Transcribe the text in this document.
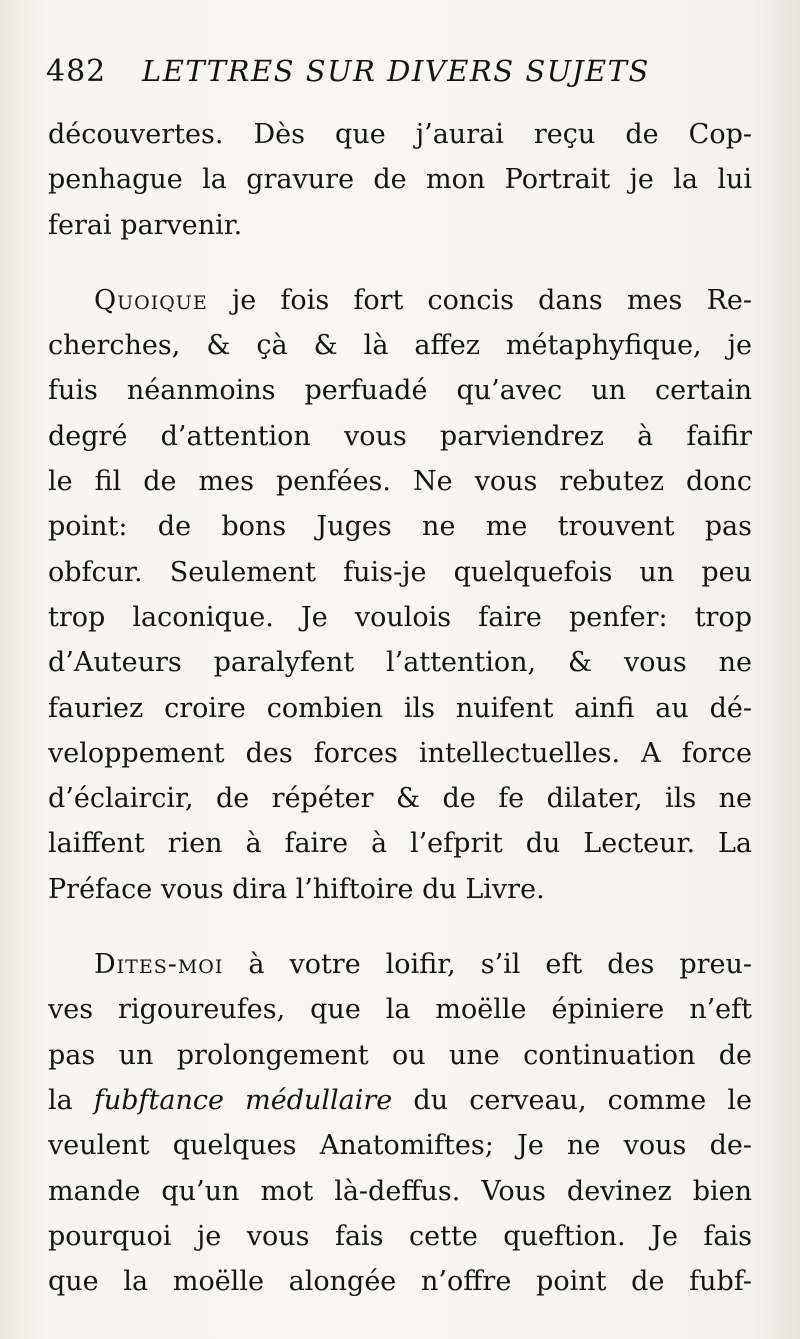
482 LETTRES SUR DIVERS SUJETS
découvertes. Dès que j’aurai reçu de Cop-
penhague la gravure de mon Portrait je la lui
ferai parvenir.
Quoique je fois fort concis dans mes Re-
cherches, & çà & là affez métaphyfique, je
fuis néanmoins perfuadé qu’avec un certain
degré d’attention vous parviendrez à faifir
le fil de mes penfées. Ne vous rebutez donc
point: de bons Juges ne me trouvent pas
obfcur. Seulement fuis-je quelquefois un peu
trop laconique. Je voulois faire penfer: trop
d’Auteurs paralyfent l’attention, & vous ne
fauriez croire combien ils nuifent ainfi au dé-
veloppement des forces intellectuelles. A force
d’éclaircir, de répéter & de fe dilater, ils ne
laiffent rien à faire à l’efprit du Lecteur. La
Préface vous dira l’hiftoire du Livre.
Dites-moi à votre loifir, s’il eft des preu-
ves rigoureufes, que la moëlle épiniere n’eft
pas un prolongement ou une continuation de
la fubftance médullaire du cerveau, comme le
veulent quelques Anatomiftes; Je ne vous de-
mande qu’un mot là-deffus. Vous devinez bien
pourquoi je vous fais cette queftion. Je fais
que la moëlle alongée n’offre point de fubf-
